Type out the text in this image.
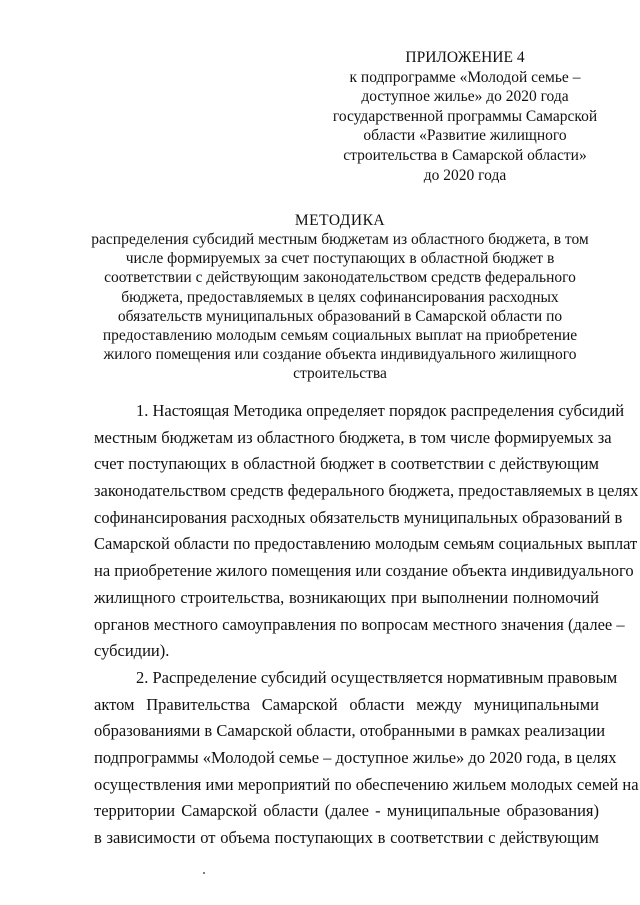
ПРИЛОЖЕНИЕ 4
к подпрограмме «Молодой семье –
доступное жилье» до 2020 года
государственной программы Самарской
области «Развитие жилищного
строительства в Самарской области»
до 2020 года
МЕТОДИКА
распределения субсидий местным бюджетам из областного бюджета, в том
числе формируемых за счет поступающих в областной бюджет в
соответствии с действующим законодательством средств федерального
бюджета, предоставляемых в целях софинансирования расходных
обязательств муниципальных образований в Самарской области по
предоставлению молодым семьям социальных выплат на приобретение
жилого помещения или создание объекта индивидуального жилищного
строительства
1. Настоящая Методика определяет порядок распределения субсидий
местным бюджетам из областного бюджета, в том числе формируемых за
счет поступающих в областной бюджет в соответствии с действующим
законодательством средств федерального бюджета, предоставляемых в целях
софинансирования расходных обязательств муниципальных образований в
Самарской области по предоставлению молодым семьям социальных выплат
на приобретение жилого помещения или создание объекта индивидуального
жилищного строительства, возникающих при выполнении полномочий
органов местного самоуправления по вопросам местного значения (далее –
субсидии).
2. Распределение субсидий осуществляется нормативным правовым
актом Правительства Самарской области между муниципальными
образованиями в Самарской области, отобранными в рамках реализации
подпрограммы «Молодой семье – доступное жилье» до 2020 года, в целях
осуществления ими мероприятий по обеспечению жильем молодых семей на
территории Самарской области (далее - муниципальные образования)
в зависимости от объема поступающих в соответствии с действующим
